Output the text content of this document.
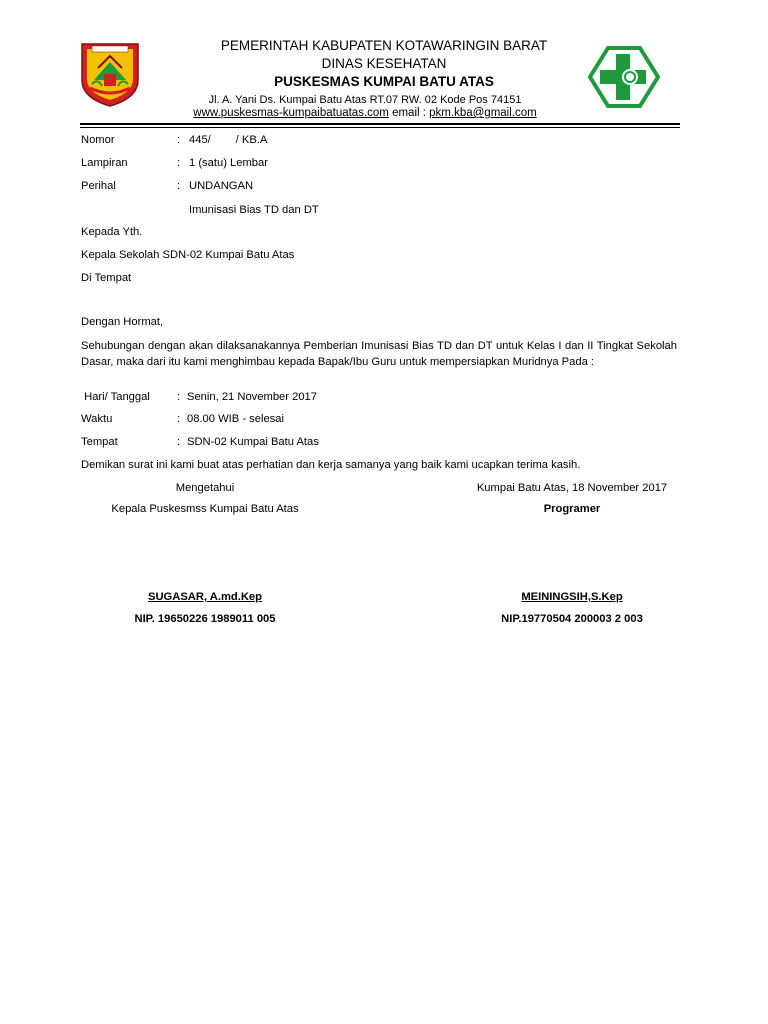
PEMERINTAH KABUPATEN KOTAWARINGIN BARAT
DINAS KESEHATAN
PUSKESMAS KUMPAI BATU ATAS
Jl. A. Yani Ds. Kumpai Batu Atas RT.07 RW. 02 Kode Pos 74151
www.puskesmas-kumpaibatuatas.com email : pkm.kba@gmail.com
Nomor	: 445/        / KB.A
Lampiran	: 1 (satu) Lembar
Perihal	: UNDANGAN
Imunisasi Bias TD dan DT
Kepada Yth.
Kepala Sekolah SDN-02 Kumpai Batu Atas
Di Tempat
Dengan Hormat,
Sehubungan dengan akan dilaksanakannya Pemberian Imunisasi Bias TD dan DT untuk Kelas I dan II Tingkat Sekolah Dasar, maka dari itu kami menghimbau kepada Bapak/Ibu Guru untuk mempersiapkan Muridnya Pada :
Hari/ Tanggal : Senin, 21 November 2017
Waktu	: 08.00 WIB - selesai
Tempat	: SDN-02 Kumpai Batu Atas
Demikan surat ini kami buat atas perhatian dan kerja samanya yang baik kami ucapkan terima kasih.
Mengetahui
Kepala Puskesmss Kumpai Batu Atas
SUGASAR, A.md.Kep
NIP. 19650226 1989011 005
Kumpai Batu Atas, 18 November 2017
Programer
MEININGSIH,S.Kep
NIP.19770504 200003 2 003
